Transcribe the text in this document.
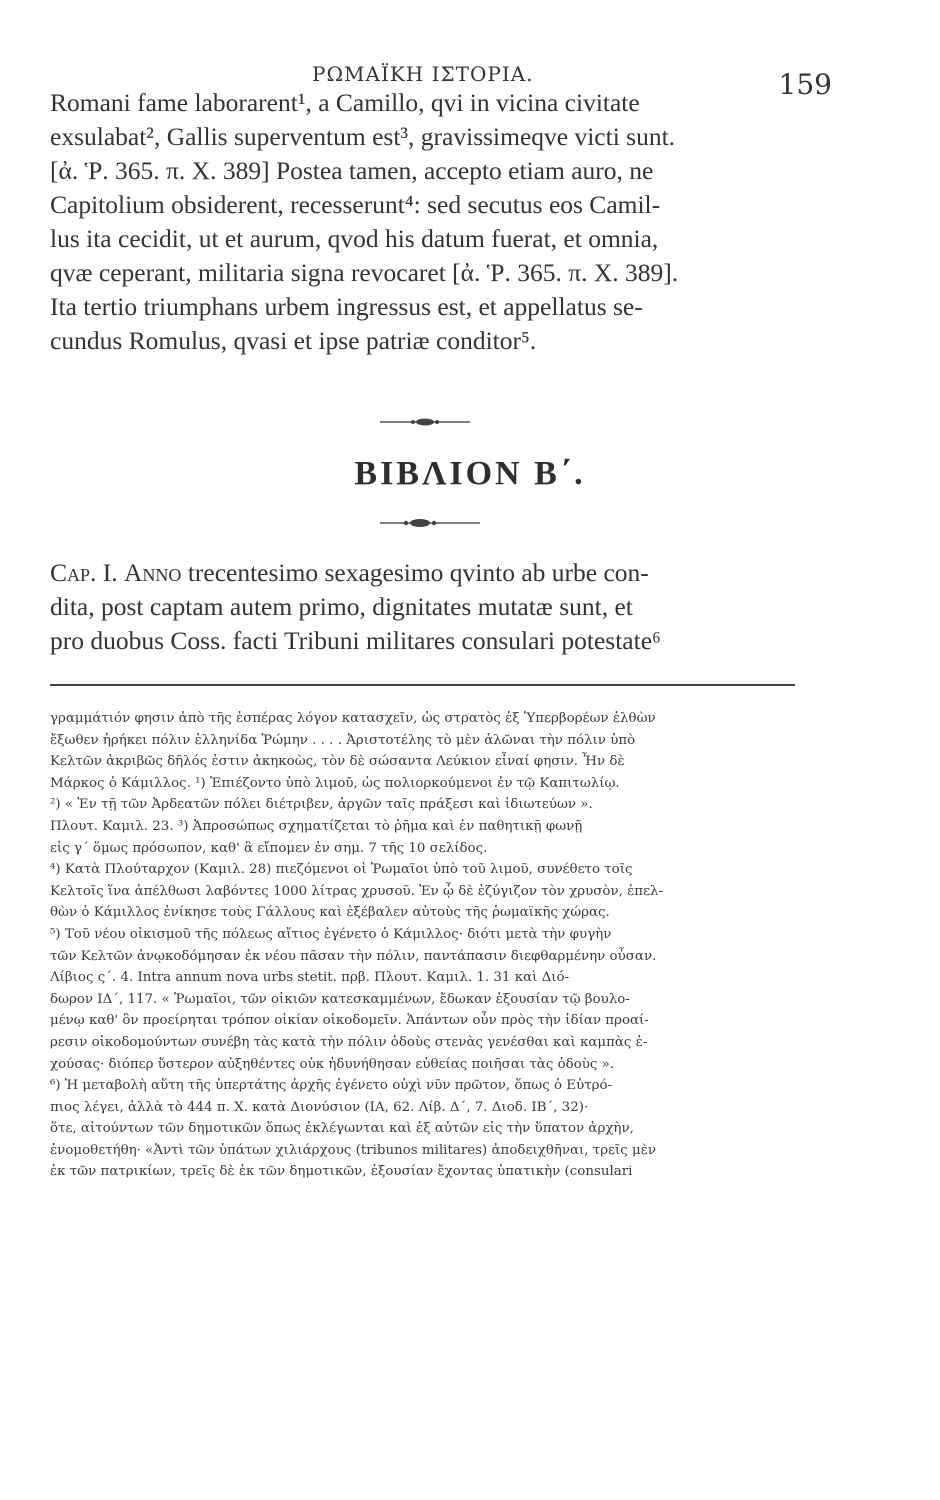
ΡΩΜΑΪΚΗ ΙΣΤΟΡΙΑ.	159
Romani fame laborarent¹, a Camillo, qvi in vicina civitate
exsulabat², Gallis superventum est³, gravissimeqve victi sunt.
[ἀ. Ῥ. 365. π. Χ. 389] Postea tamen, accepto etiam auro, ne
Capitolium obsiderent, recesserunt⁴: sed secutus eos Camil-
lus ita cecidit, ut et aurum, qvod his datum fuerat, et omnia,
qvæ ceperant, militaria signa revocaret [ἀ. Ῥ. 365. π. Χ. 389].
Ita tertio triumphans urbem ingressus est, et appellatus se-
cundus Romulus, qvasi et ipse patriæ conditor⁵.
ΒΙΒΛΙΟΝ Β΄.
Cap. I. Anno trecentesimo sexagesimo qvinto ab urbe con-
dita, post captam autem primo, dignitates mutatæ sunt, et
pro duobus Coss. facti Tribuni militares consulari potestate⁶
γραμμάτιόν φησιν ἀπὸ τῆς ἑσπέρας λόγον κατασχεῖν, ὡς στρατὸς ἐξ Ὑπερβορέων ἐλθὼν
ἔξωθεν ἡρήκει πόλιν ἑλληνίδα Ῥώμην . . . . Ἀριστοτέλης τὸ μὲν ἁλῶναι τὴν πόλιν ὑπὸ
Κελτῶν ἀκριβῶς δῆλός ἐστιν ἀκηκοὼς, τὸν δὲ σώσαντα Λεύκιον εἶναί φησιν. Ἦν δὲ
Μάρκος ὁ Κάμιλλος. ¹) Ἐπιέζοντο ὑπὸ λιμοῦ, ὡς πολιορκούμενοι ἐν τῷ Καπιτωλίῳ.
²) « Ἐν τῇ τῶν Ἀρδεατῶν πόλει διέτριβεν, ἀργῶν ταῖς πράξεσι καὶ ἰδιωτεύων ».
Πλουτ. Καμιλ. 23. ³) Ἀπροσώπως σχηματίζεται τὸ ῥῆμα καὶ ἐν παθητικῇ φωνῇ
εἰς γ΄ ὅμως πρόσωπον, καθ' ἃ εἴπομεν ἐν σημ. 7 τῆς 10 σελίδος.
⁴) Κατὰ Πλούταρχον (Καμιλ. 28) πιεζόμενοι οἱ Ῥωμαῖοι ὑπὸ τοῦ λιμοῦ, συνέθετο τοῖς
Κελτοῖς ἵνα ἀπέλθωσι λαβόντες 1000 λίτρας χρυσοῦ. Ἐν ᾧ δὲ ἐζύγιζον τὸν χρυσὸν, ἐπελ-
θὼν ὁ Κάμιλλος ἐνίκησε τοὺς Γάλλους καὶ ἐξέβαλεν αὐτοὺς τῆς ῥωμαϊκῆς χώρας.
⁵) Τοῦ νέου οἰκισμοῦ τῆς πόλεως αἴτιος ἐγένετο ὁ Κάμιλλος· διότι μετὰ τὴν φυγὴν
τῶν Κελτῶν ἀνῳκοδόμησαν ἐκ νέου πᾶσαν τὴν πόλιν, παντάπασιν διεφθαρμένην οὖσαν.
Λίβιος ς΄. 4. Intra annum nova urbs stetit. πρβ. Πλουτ. Καμιλ. 1. 31 καὶ Διό-
δωρον ΙΔ΄, 117. « Ῥωμαῖοι, τῶν οἰκιῶν κατεσκαμμένων, ἔδωκαν ἐξουσίαν τῷ βουλο-
μένῳ καθ' ὃν προείρηται τρόπον οἰκίαν οἰκοδομεῖν. Ἁπάντων οὖν πρὸς τὴν ἰδίαν προαί-
ρεσιν οἰκοδομούντων συνέβη τὰς κατὰ τὴν πόλιν ὁδοὺς στενὰς γενέσθαι καὶ καμπὰς ἐ-
χούσας· διόπερ ὕστερον αὐξηθέντες οὐκ ἠδυνήθησαν εὐθείας ποιῆσαι τὰς ὁδοὺς ».
⁶) Ἡ μεταβολὴ αὕτη τῆς ὑπερτάτης ἀρχῆς ἐγένετο οὐχὶ νῦν πρῶτον, ὅπως ὁ Εὐτρό-
πιος λέγει, ἀλλὰ τὸ 444 π. Χ. κατὰ Διονύσιον (ΙΑ, 62. Λίβ. Δ΄, 7. Διοδ. ΙΒ΄, 32)·
ὅτε, αἰτούντων τῶν δημοτικῶν ὅπως ἐκλέγωνται καὶ ἐξ αὐτῶν εἰς τὴν ὕπατον ἀρχὴν,
ἐνομοθετήθη· «Ἀντὶ τῶν ὑπάτων χιλιάρχους (tribunos militares) ἀποδειχθῆναι, τρεῖς μὲν
ἐκ τῶν πατρικίων, τρεῖς δὲ ἐκ τῶν δημοτικῶν, ἐξουσίαν ἔχοντας ὑπατικὴν (consulari
